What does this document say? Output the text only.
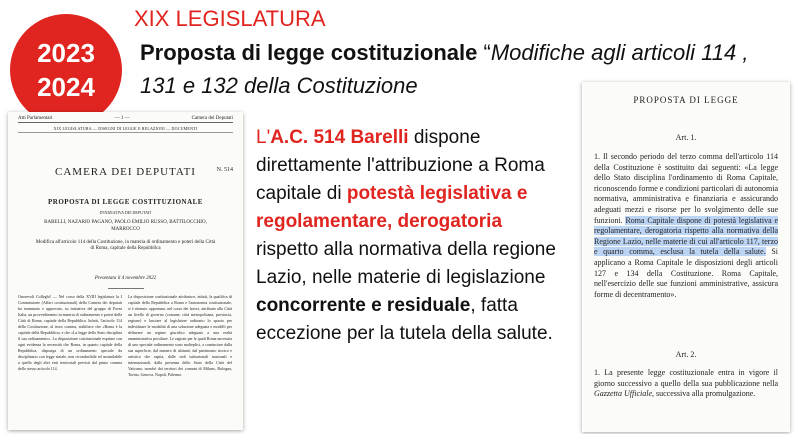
2023
2024
XIX LEGISLATURA
Proposta di legge costituzionale “Modifiche agli articoli 114 , 131 e 132 della Costituzione
Atti Parlamentari	— 1 —	Camera dei Deputati
XIX LEGISLATURA — DISEGNI DI LEGGE E RELAZIONI — DOCUMENTI
CAMERA DEI DEPUTATI	N. 514
PROPOSTA DI LEGGE COSTITUZIONALE
D'INIZIATIVA DEI DEPUTATI
BARELLI, NAZARIO PAGANO, PAOLO EMILIO RUSSO, BATTILOCCHIO, MARROCCO
Modifica all'articolo 114 della Costituzione, in materia di ordinamento e poteri della Città di Roma, capitale della Repubblica
Presentata il 4 novembre 2022
Onorevoli Colleghi! — Nel corso della XVIII legislatura la I Commissione (Affari costituzionali) della Camera dei deputati ha esaminato e approvato, su iniziativa del gruppo di Forza Italia, un provvedimento in materia di ordinamento e poteri della Città di Roma, capitale della Repubblica. Infatti, l'articolo 114 della Costituzione, al terzo comma, stabilisce che «Roma è la capitale della Repubblica» e che «La legge dello Stato disciplina il suo ordinamento». La disposizione costituzionale esprime con ogni evidenza la necessità che Roma, in quanto capitale della Repubblica, disponga di un ordinamento speciale da disciplinarsi con legge statale, non riconducibile ed assimilabile a quello degli altri enti territoriali previsti dal primo comma dello stesso articolo 114.
La disposizione costituzionale attribuisce, infatti, la qualifica di capitale della Repubblica a Roma e l'autonomia costituzionale, si è ritenuto opportuno, nel corso dei lavori, attribuire alla Città un livello di governo (comune, città metropolitana, provincia, regione) e lasciare al legislatore ordinario lo spazio per individuare le modalità di una soluzione adeguata e modelli per delineare un regime giuridico adeguato a una realtà amministrativa peculiare. Le ragioni per le quali Roma necessita di uno speciale ordinamento sono molteplici, a cominciare dalla sua superficie, dal numero di abitanti, dal patrimonio storico e artistico che ospita, dalle sedi istituzionali nazionali e internazionali, dalla presenza dello Stato della Città del Vaticano, nonché dai territori dei comuni di Milano, Bologna, Torino, Genova, Napoli, Palermo.
L'A.C. 514 Barelli dispone direttamente l'attribuzione a Roma capitale di potestà legislativa e regolamentare, derogatoria rispetto alla normativa della regione Lazio, nelle materie di legislazione concorrente e residuale, fatta eccezione per la tutela della salute.
PROPOSTA DI LEGGE
Art. 1.
1. Il secondo periodo del terzo comma dell'articolo 114 della Costituzione è sostituito dai seguenti: «La legge dello Stato disciplina l'ordinamento di Roma Capitale, riconoscendo forme e condizioni particolari di autonomia normativa, amministrativa e finanziaria e assicurando adeguati mezzi e risorse per lo svolgimento delle sue funzioni. Roma Capitale dispone di potestà legislativa e regolamentare, derogatoria rispetto alla normativa della Regione Lazio, nelle materie di cui all'articolo 117, terzo e quarto comma, esclusa la tutela della salute. Si applicano a Roma Capitale le disposizioni degli articoli 127 e 134 della Costituzione. Roma Capitale, nell'esercizio delle sue funzioni amministrative, assicura forme di decentramento».
Art. 2.
1. La presente legge costituzionale entra in vigore il giorno successivo a quello della sua pubblicazione nella Gazzetta Ufficiale, successiva alla promulgazione.
